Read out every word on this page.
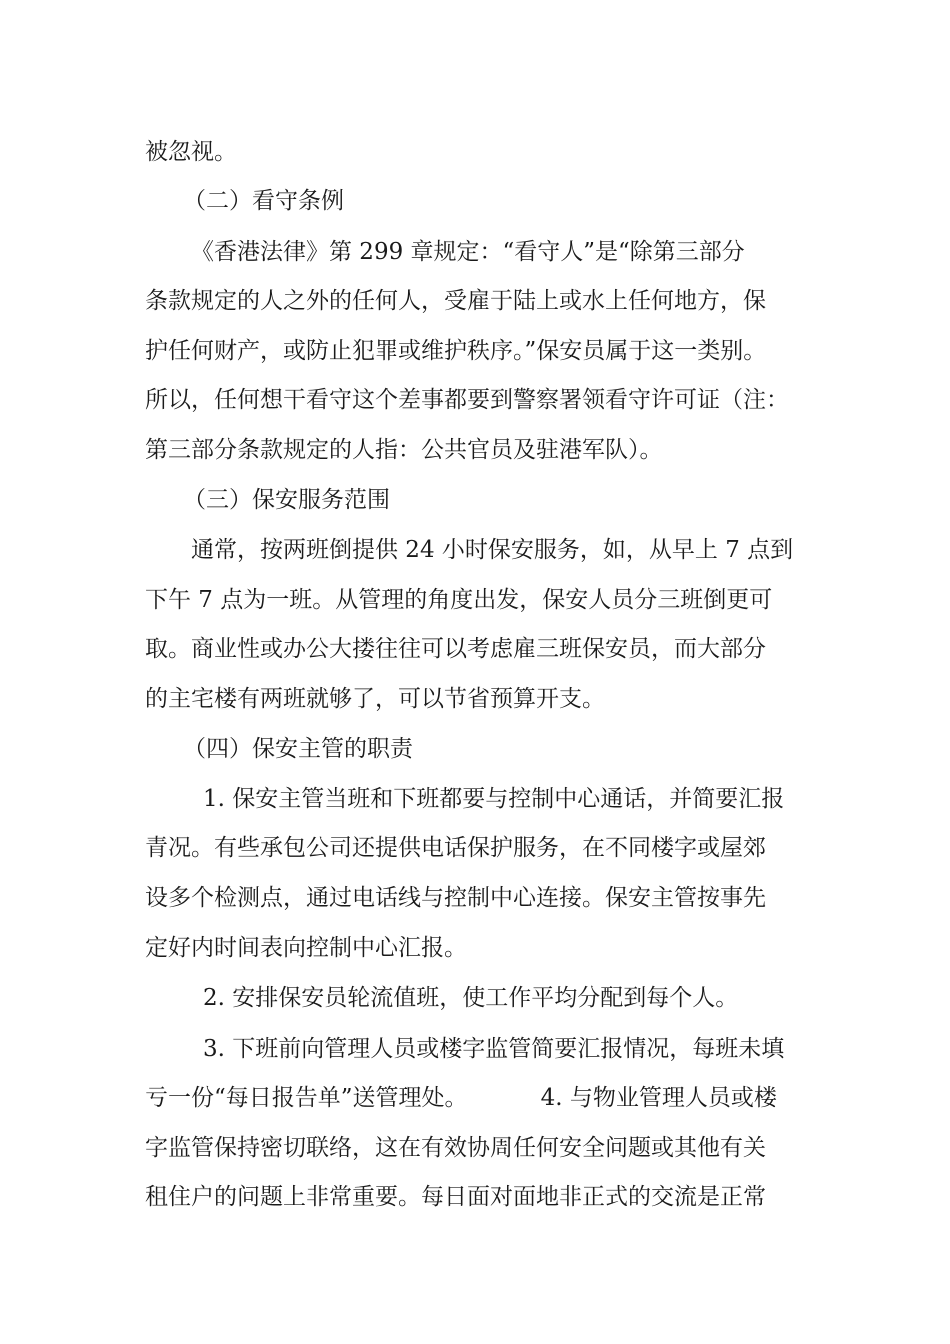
被忽视。
（二）看守条例
《香港法律》第 299 章规定：“看守人”是“除第三部分
条款规定的人之外的任何人，受雇于陆上或水上任何地方，保
护任何财产，或防止犯罪或维护秩序。”保安员属于这一类别。
所以，任何想干看守这个差事都要到警察署领看守许可证（注：
第三部分条款规定的人指：公共官员及驻港军队）。
（三）保安服务范围
通常，按两班倒提供 24 小时保安服务，如，从早上 7 点到
下午 7 点为一班。从管理的角度出发，保安人员分三班倒更可
取。商业性或办公大搂往往可以考虑雇三班保安员，而大部分
的主宅楼有两班就够了，可以节省预算开支。
（四）保安主管的职责
1. 保安主管当班和下班都要与控制中心通话，并简要汇报
青况。有些承包公司还提供电话保护服务，在不同楼字或屋郊
设多个检测点，通过电话线与控制中心连接。保安主管按事先
定好内时间表向控制中心汇报。
2. 安排保安员轮流值班，使工作平均分配到每个人。
3. 下班前向管理人员或楼字监管简要汇报情况，每班未填
亏一份“每日报告单”送管理处。          4. 与物业管理人员或楼
字监管保持密切联络，这在有效协周任何安全问题或其他有关
租住户的问题上非常重要。每日面对面地非正式的交流是正常
